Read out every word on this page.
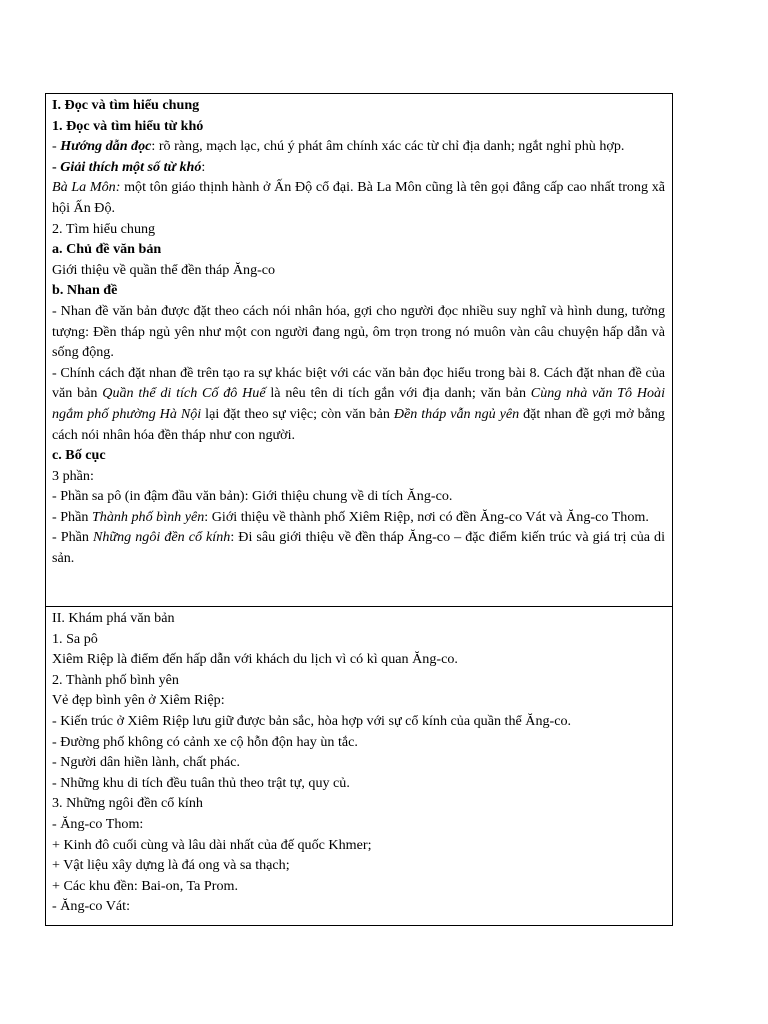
I. Đọc và tìm hiểu chung

1. Đọc và tìm hiểu từ khó

- Hướng dẫn đọc: rõ ràng, mạch lạc, chú ý phát âm chính xác các từ chỉ địa danh; ngắt nghỉ phù hợp.

- Giải thích một số từ khó:

Bà La Môn: một tôn giáo thịnh hành ở Ấn Độ cổ đại. Bà La Môn cũng là tên gọi đẳng cấp cao nhất trong xã hội Ấn Độ.

2. Tìm hiểu chung

a. Chủ đề văn bản

Giới thiệu về quần thể đền tháp Ăng-co

b. Nhan đề

- Nhan đề văn bản được đặt theo cách nói nhân hóa, gợi cho người đọc nhiều suy nghĩ và hình dung, tưởng tượng: Đền tháp ngủ yên như một con người đang ngủ, ôm trọn trong nó muôn vàn câu chuyện hấp dẫn và sống động.

- Chính cách đặt nhan đề trên tạo ra sự khác biệt với các văn bản đọc hiểu trong bài 8. Cách đặt nhan đề của văn bản Quần thể di tích Cố đô Huế là nêu tên di tích gắn với địa danh; văn bản Cùng nhà văn Tô Hoài ngắm phố phường Hà Nội lại đặt theo sự việc; còn văn bản Đền tháp vẫn ngủ yên đặt nhan đề gợi mở bằng cách nói nhân hóa đền tháp như con người.

c. Bố cục

3 phần:

- Phần sa pô (in đậm đầu văn bản): Giới thiệu chung về di tích Ăng-co.

- Phần Thành phố bình yên: Giới thiệu về thành phố Xiêm Riệp, nơi có đền Ăng-co Vát và Ăng-co Thom.

- Phần Những ngôi đền cổ kính: Đi sâu giới thiệu về đền tháp Ăng-co – đặc điểm kiến trúc và giá trị của di sản.

II. Khám phá văn bản

1. Sa pô

Xiêm Riệp là điểm đến hấp dẫn với khách du lịch vì có kì quan Ăng-co.

2. Thành phố bình yên

Vẻ đẹp bình yên ở Xiêm Riệp:

- Kiến trúc ở Xiêm Riệp lưu giữ được bản sắc, hòa hợp với sự cổ kính của quần thể Ăng-co.

- Đường phố không có cảnh xe cộ hỗn độn hay ùn tắc.

- Người dân hiền lành, chất phác.

- Những khu di tích đều tuân thủ theo trật tự, quy củ.

3. Những ngôi đền cổ kính

- Ăng-co Thom:

+ Kinh đô cuối cùng và lâu dài nhất của đế quốc Khmer;

+ Vật liệu xây dựng là đá ong và sa thạch;

+ Các khu đền: Bai-on, Ta Prom.

- Ăng-co Vát:
